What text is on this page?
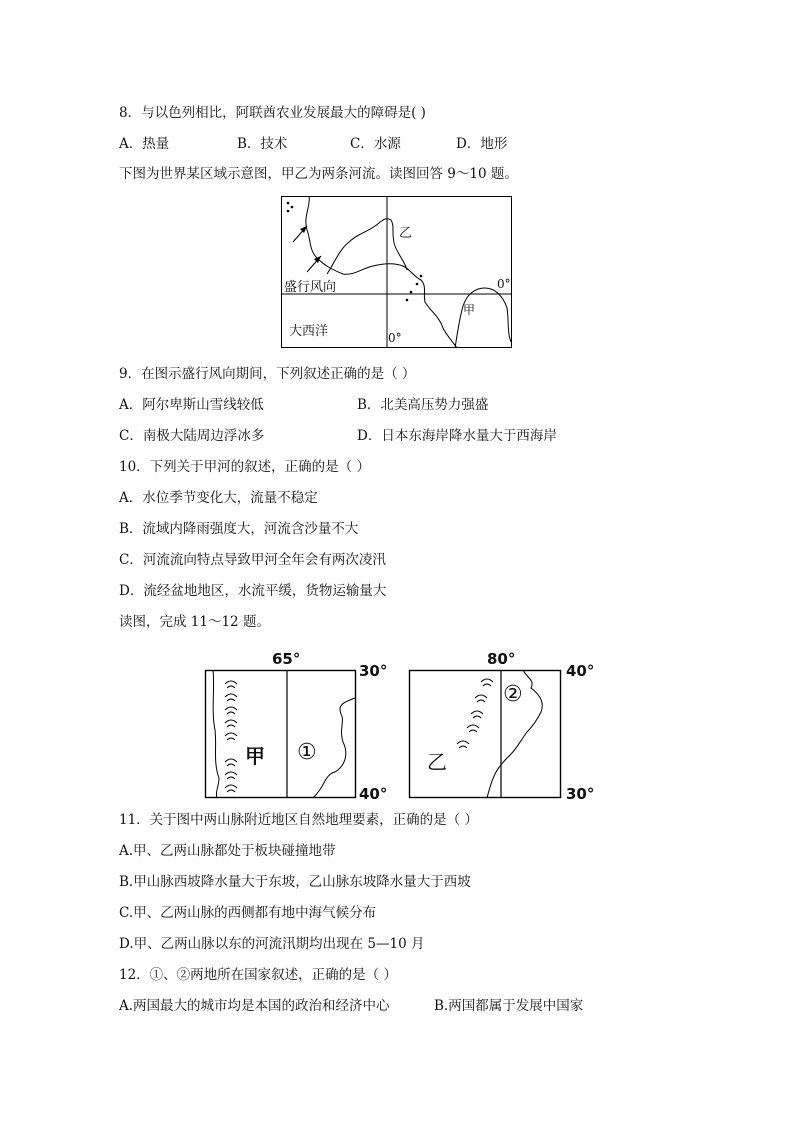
8．与以色列相比，阿联酋农业发展最大的障碍是( )
A．热量	B．技术	C．水源	D．地形
下图为世界某区域示意图，甲乙为两条河流。读图回答 9～10 题。
乙
甲
盛行风向
大西洋
0°
0°
9．在图示盛行风向期间，下列叙述正确的是（ ）
A．阿尔卑斯山雪线较低	B．北美高压势力强盛
C．南极大陆周边浮冰多	D．日本东海岸降水量大于西海岸
10．下列关于甲河的叙述，正确的是（ ）
A．水位季节变化大，流量不稳定
B．流域内降雨强度大，河流含沙量不大
C．河流流向特点导致甲河全年会有两次凌汛
D．流经盆地地区，水流平缓，货物运输量大
读图，完成 11～12 题。
甲 ①
65°
30°
40°
乙
②
80°
40°
30°
11．关于图中两山脉附近地区自然地理要素，正确的是（ ）
A.甲、乙两山脉都处于板块碰撞地带
B.甲山脉西坡降水量大于东坡，乙山脉东坡降水量大于西坡
C.甲、乙两山脉的西侧都有地中海气候分布
D.甲、乙两山脉以东的河流汛期均出现在 5—10 月
12．①、②两地所在国家叙述，正确的是（ ）
A.两国最大的城市均是本国的政治和经济中心	B.两国都属于发展中国家
